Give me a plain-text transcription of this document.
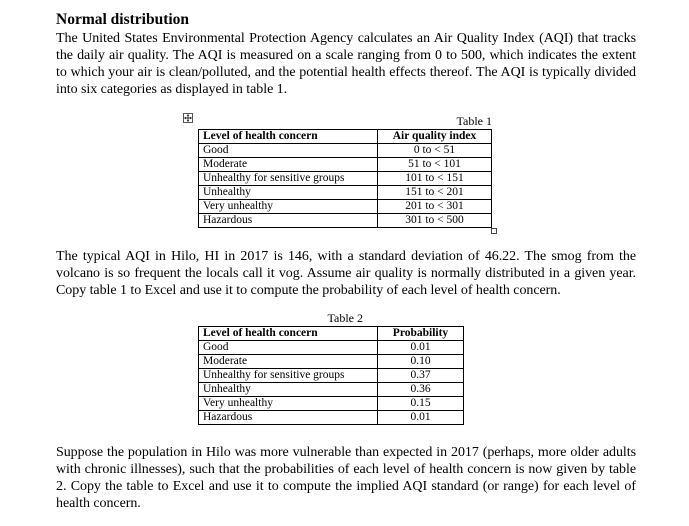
Normal distribution

The United States Environmental Protection Agency calculates an Air Quality Index (AQI) that tracks the daily air quality. The AQI is measured on a scale ranging from 0 to 500, which indicates the extent to which your air is clean/polluted, and the potential health effects thereof. The AQI is typically divided into six categories as displayed in table 1.

Table 1
Level of health concern	Air quality index
Good	0 to < 51
Moderate	51 to < 101
Unhealthy for sensitive groups	101 to < 151
Unhealthy	151 to < 201
Very unhealthy	201 to < 301
Hazardous	301 to < 500

The typical AQI in Hilo, HI in 2017 is 146, with a standard deviation of 46.22. The smog from the volcano is so frequent the locals call it vog. Assume air quality is normally distributed in a given year. Copy table 1 to Excel and use it to compute the probability of each level of health concern.

Table 2
Level of health concern	Probability
Good	0.01
Moderate	0.10
Unhealthy for sensitive groups	0.37
Unhealthy	0.36
Very unhealthy	0.15
Hazardous	0.01

Suppose the population in Hilo was more vulnerable than expected in 2017 (perhaps, more older adults with chronic illnesses), such that the probabilities of each level of health concern is now given by table 2. Copy the table to Excel and use it to compute the implied AQI standard (or range) for each level of health concern.
